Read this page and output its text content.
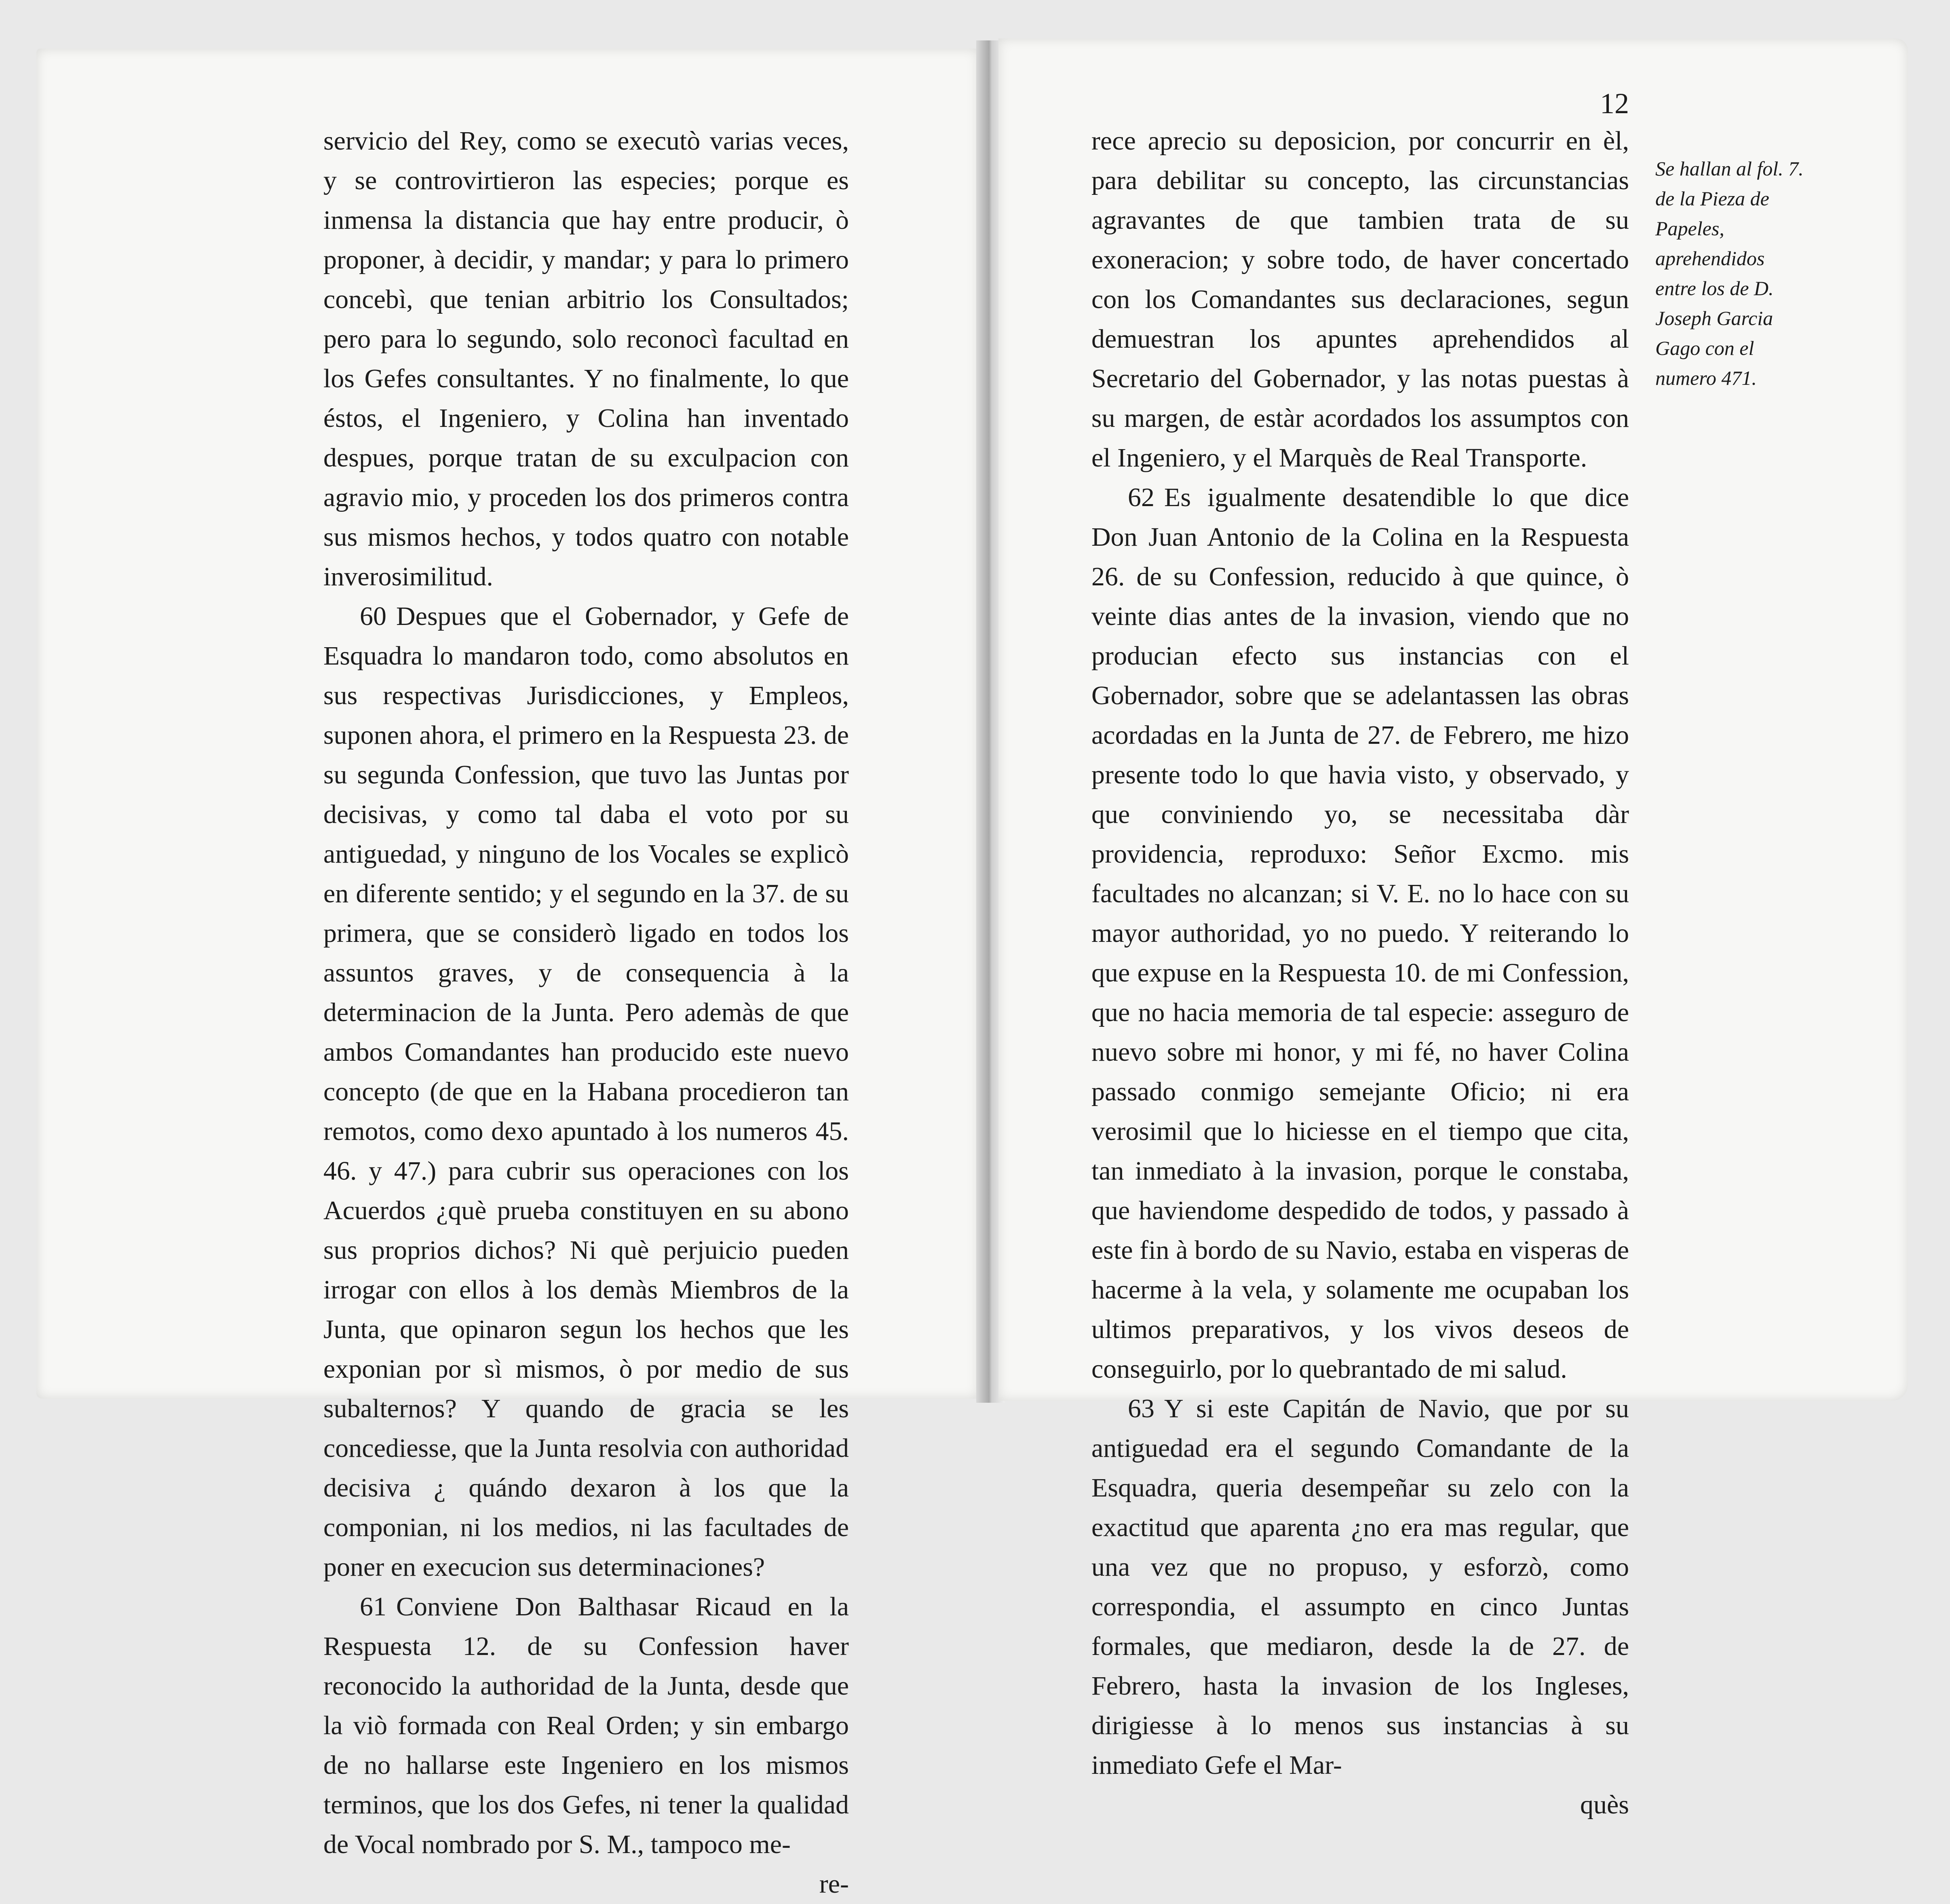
servicio del Rey, como se executò varias veces, y se controvirtieron las especies; porque es inmensa la distancia que hay entre producir, ò proponer, à decidir, y mandar; y para lo primero concebì, que tenian arbitrio los Consultados; pero para lo segundo, solo reconocì facultad en los Gefes consultantes. Y no finalmente, lo que éstos, el Ingeniero, y Colina han inventado despues, porque tratan de su exculpacion con agravio mio, y proceden los dos primeros contra sus mismos hechos, y todos quatro con notable inverosimilitud.

60 Despues que el Gobernador, y Gefe de Esquadra lo mandaron todo, como absolutos en sus respectivas Jurisdicciones, y Empleos, suponen ahora, el primero en la Respuesta 23. de su segunda Confession, que tuvo las Juntas por decisivas, y como tal daba el voto por su antiguedad, y ninguno de los Vocales se explicò en diferente sentido; y el segundo en la 37. de su primera, que se considerò ligado en todos los assuntos graves, y de consequencia à la determinacion de la Junta. Pero ademàs de que ambos Comandantes han producido este nuevo concepto (de que en la Habana procedieron tan remotos, como dexo apuntado à los numeros 45. 46. y 47.) para cubrir sus operaciones con los Acuerdos ¿què prueba constituyen en su abono sus proprios dichos? Ni què perjuicio pueden irrogar con ellos à los demàs Miembros de la Junta, que opinaron segun los hechos que les exponian por sì mismos, ò por medio de sus subalternos? Y quando de gracia se les concediesse, que la Junta resolvia con authoridad decisiva ¿ quándo dexaron à los que la componian, ni los medios, ni las facultades de poner en execucion sus determinaciones?

61 Conviene Don Balthasar Ricaud en la Respuesta 12. de su Confession haver reconocido la authoridad de la Junta, desde que la viò formada con Real Orden; y sin embargo de no hallarse este Ingeniero en los mismos terminos, que los dos Gefes, ni tener la qualidad de Vocal nombrado por S. M., tampoco me-

re-

12

rece aprecio su deposicion, por concurrir en èl, para debilitar su concepto, las circunstancias agravantes de que tambien trata de su exoneracion; y sobre todo, de haver concertado con los Comandantes sus declaraciones, segun demuestran los apuntes aprehendidos al Secretario del Gobernador, y las notas puestas à su margen, de estàr acordados los assumptos con el Ingeniero, y el Marquès de Real Transporte.

62 Es igualmente desatendible lo que dice Don Juan Antonio de la Colina en la Respuesta 26. de su Confession, reducido à que quince, ò veinte dias antes de la invasion, viendo que no producian efecto sus instancias con el Gobernador, sobre que se adelantassen las obras acordadas en la Junta de 27. de Febrero, me hizo presente todo lo que havia visto, y observado, y que conviniendo yo, se necessitaba dàr providencia, reproduxo: Señor Excmo. mis facultades no alcanzan; si V. E. no lo hace con su mayor authoridad, yo no puedo. Y reiterando lo que expuse en la Respuesta 10. de mi Confession, que no hacia memoria de tal especie: asseguro de nuevo sobre mi honor, y mi fé, no haver Colina passado conmigo semejante Oficio; ni era verosimil que lo hiciesse en el tiempo que cita, tan inmediato à la invasion, porque le constaba, que haviendome despedido de todos, y passado à este fin à bordo de su Navio, estaba en visperas de hacerme à la vela, y solamente me ocupaban los ultimos preparativos, y los vivos deseos de conseguirlo, por lo quebrantado de mi salud.

63 Y si este Capitán de Navio, que por su antiguedad era el segundo Comandante de la Esquadra, queria desempeñar su zelo con la exactitud que aparenta ¿no era mas regular, que una vez que no propuso, y esforzò, como correspondia, el assumpto en cinco Juntas formales, que mediaron, desde la de 27. de Febrero, hasta la invasion de los Ingleses, dirigiesse à lo menos sus instancias à su inmediato Gefe el Mar-

quès

Se hallan al fol. 7. de la Pieza de Papeles, aprehendidos entre los de D. Joseph Garcia Gago con el numero 471.
